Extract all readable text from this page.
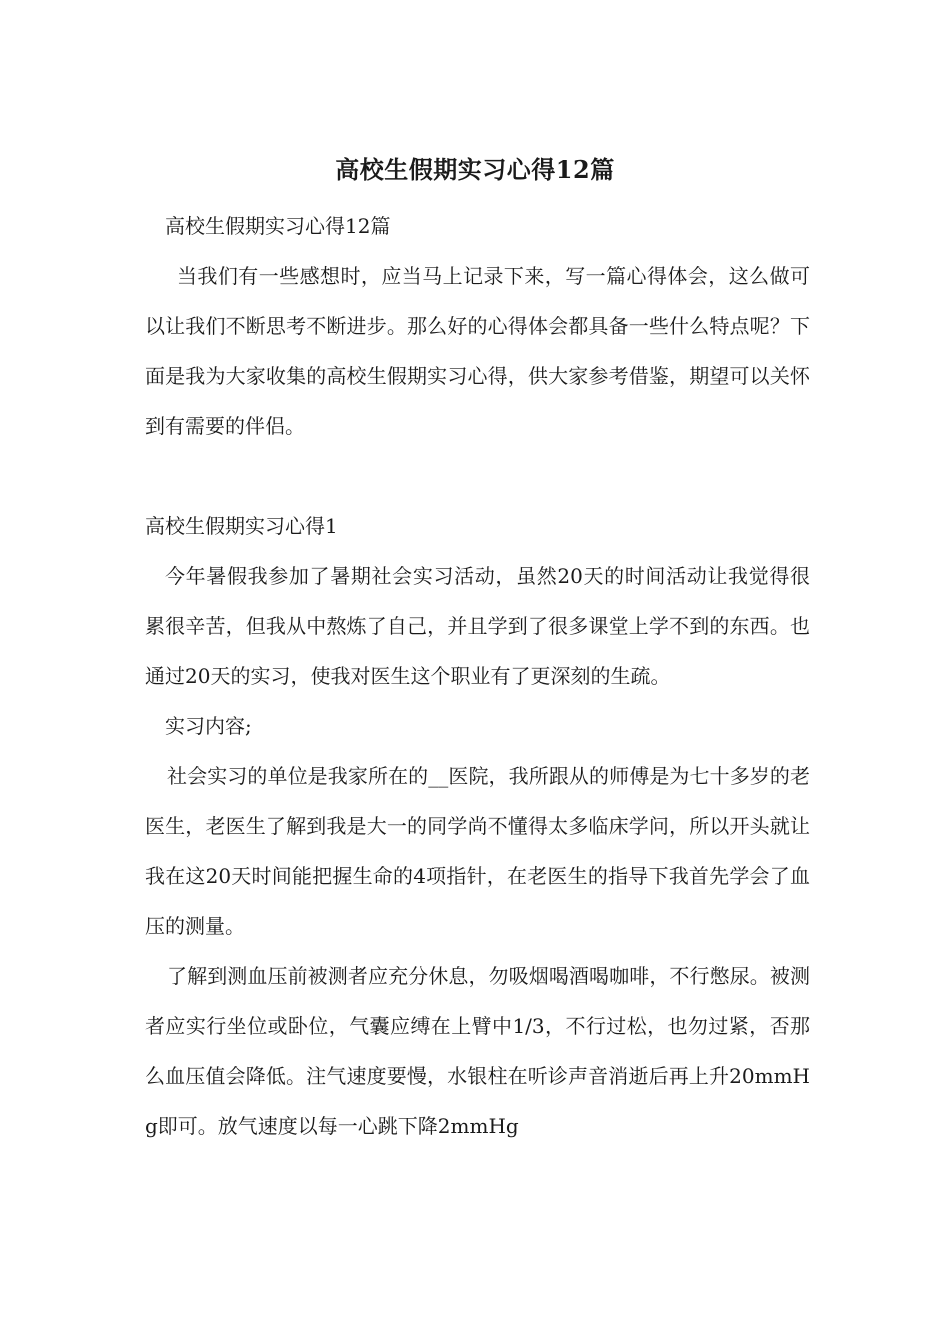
高校生假期实习心得12篇

高校生假期实习心得12篇

当我们有一些感想时，应当马上记录下来，写一篇心得体会，这么做可以让我们不断思考不断进步。那么好的心得体会都具备一些什么特点呢？下面是我为大家收集的高校生假期实习心得，供大家参考借鉴，期望可以关怀到有需要的伴侣。

高校生假期实习心得1

今年暑假我参加了暑期社会实习活动，虽然20天的时间活动让我觉得很累很辛苦，但我从中熬炼了自己，并且学到了很多课堂上学不到的东西。也通过20天的实习，使我对医生这个职业有了更深刻的生疏。

实习内容;

社会实习的单位是我家所在的__医院，我所跟从的师傅是为七十多岁的老医生，老医生了解到我是大一的同学尚不懂得太多临床学问，所以开头就让我在这20天时间能把握生命的4项指针，在老医生的指导下我首先学会了血压的测量。

了解到测血压前被测者应充分休息，勿吸烟喝酒喝咖啡，不行憋尿。被测者应实行坐位或卧位，气囊应缚在上臂中1/3，不行过松，也勿过紧，否那么血压值会降低。注气速度要慢，水银柱在听诊声音消逝后再上升20mmHg即可。放气速度以每一心跳下降2mmHg
